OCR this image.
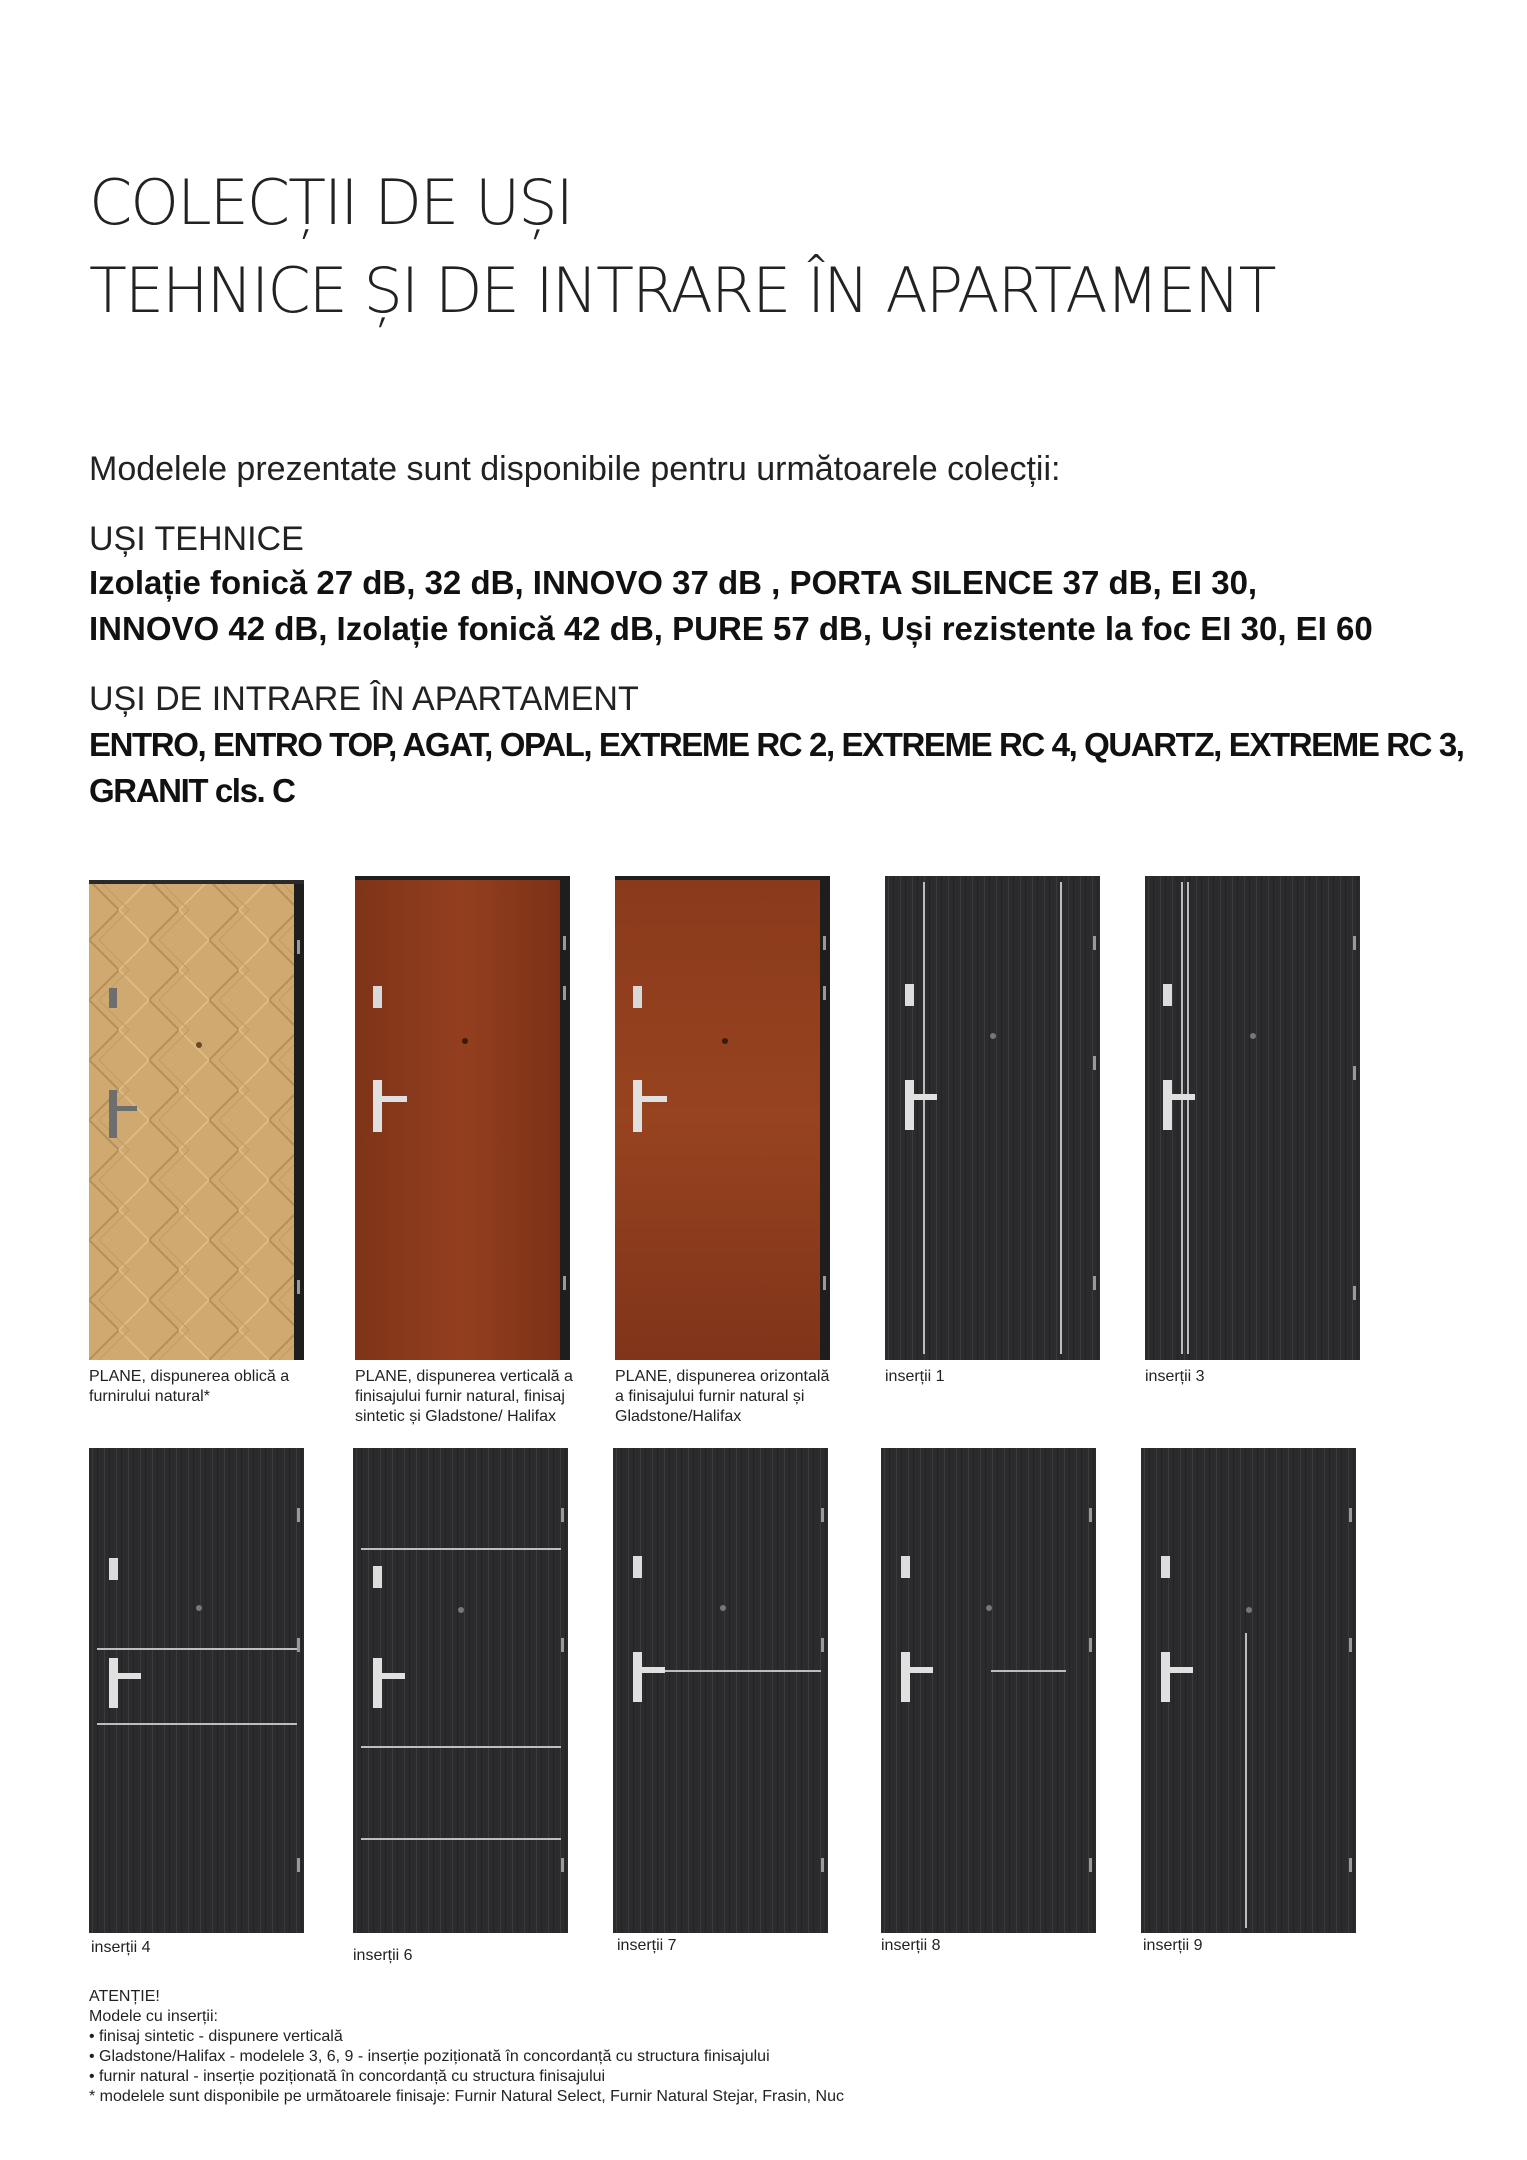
COLECȚII DE UȘI
TEHNICE ȘI DE INTRARE ÎN APARTAMENT
Modelele prezentate sunt disponibile pentru următoarele colecții:
UȘI TEHNICE
Izolație fonică 27 dB, 32 dB, INNOVO 37 dB , PORTA SILENCE 37 dB, EI 30,
INNOVO 42 dB, Izolație fonică 42 dB, PURE 57 dB, Uși rezistente la foc EI 30, EI 60
UȘI DE INTRARE ÎN APARTAMENT
ENTRO, ENTRO TOP, AGAT, OPAL, EXTREME RC 2, EXTREME RC 4, QUARTZ, EXTREME RC 3,
GRANIT cls. C
PLANE, dispunerea oblică a furnirului natural*
PLANE, dispunerea verticală a finisajului furnir natural, finisaj sintetic și Gladstone/ Halifax
PLANE, dispunerea orizontală a finisajului furnir natural și Gladstone/Halifax
inserții 1	inserții 3
inserții 4	inserții 6
inserții 7	inserții 8	inserții 9
ATENȚIE!
Modele cu inserții:
• finisaj sintetic - dispunere verticală
• Gladstone/Halifax - modelele 3, 6, 9 - inserție poziționată în concordanță cu structura finisajului
• furnir natural - inserție poziționată în concordanță cu structura finisajului
* modelele sunt disponibile pe următoarele finisaje: Furnir Natural Select, Furnir Natural Stejar, Frasin, Nuc
